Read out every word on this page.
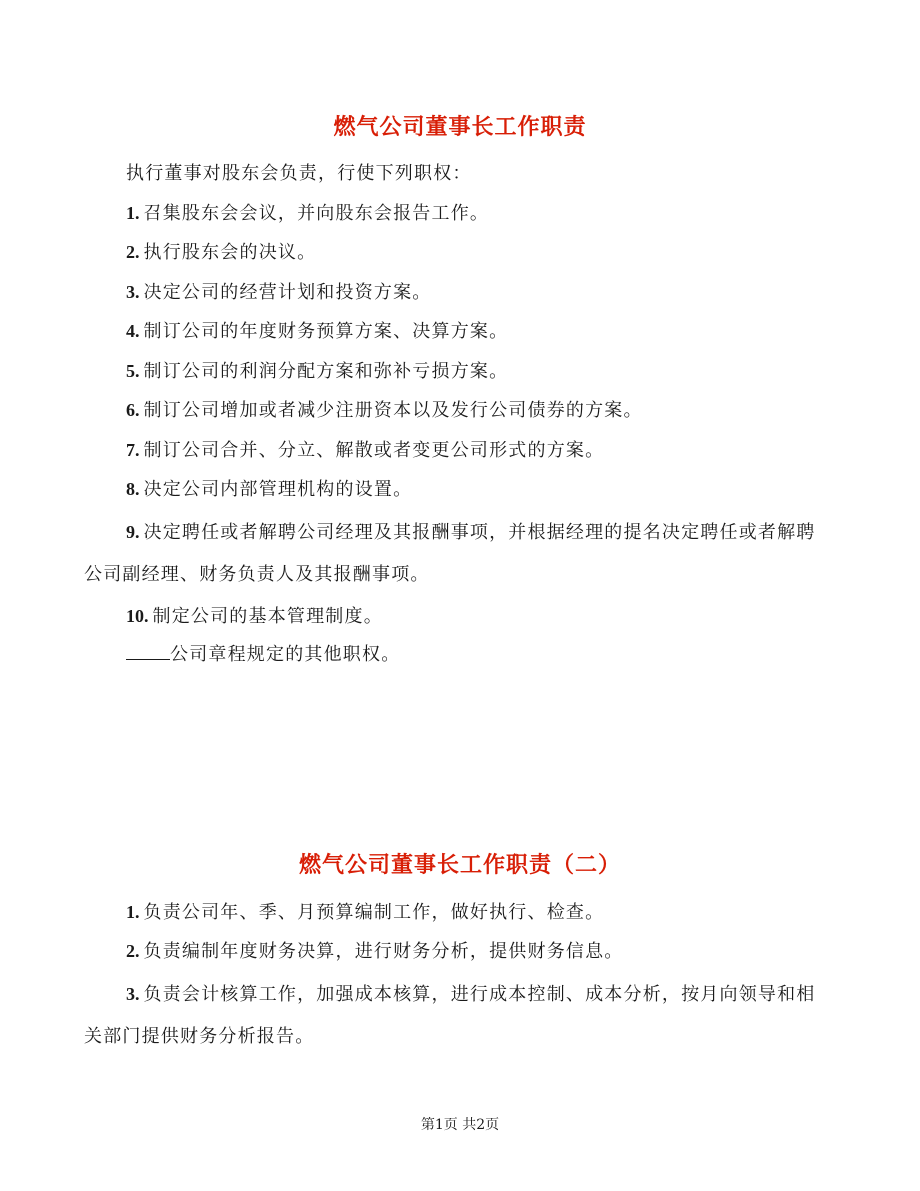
燃气公司董事长工作职责

执行董事对股东会负责，行使下列职权：

1. 召集股东会会议，并向股东会报告工作。

2. 执行股东会的决议。

3. 决定公司的经营计划和投资方案。

4. 制订公司的年度财务预算方案、决算方案。

5. 制订公司的利润分配方案和弥补亏损方案。

6. 制订公司增加或者减少注册资本以及发行公司债券的方案。

7. 制订公司合并、分立、解散或者变更公司形式的方案。

8. 决定公司内部管理机构的设置。

9. 决定聘任或者解聘公司经理及其报酬事项，并根据经理的提名决定聘任或者解聘公司副经理、财务负责人及其报酬事项。

10. 制定公司的基本管理制度。

公司章程规定的其他职权。

燃气公司董事长工作职责（二）

1. 负责公司年、季、月预算编制工作，做好执行、检查。

2. 负责编制年度财务决算，进行财务分析，提供财务信息。

3. 负责会计核算工作，加强成本核算，进行成本控制、成本分析，按月向领导和相关部门提供财务分析报告。

第1页 共2页
